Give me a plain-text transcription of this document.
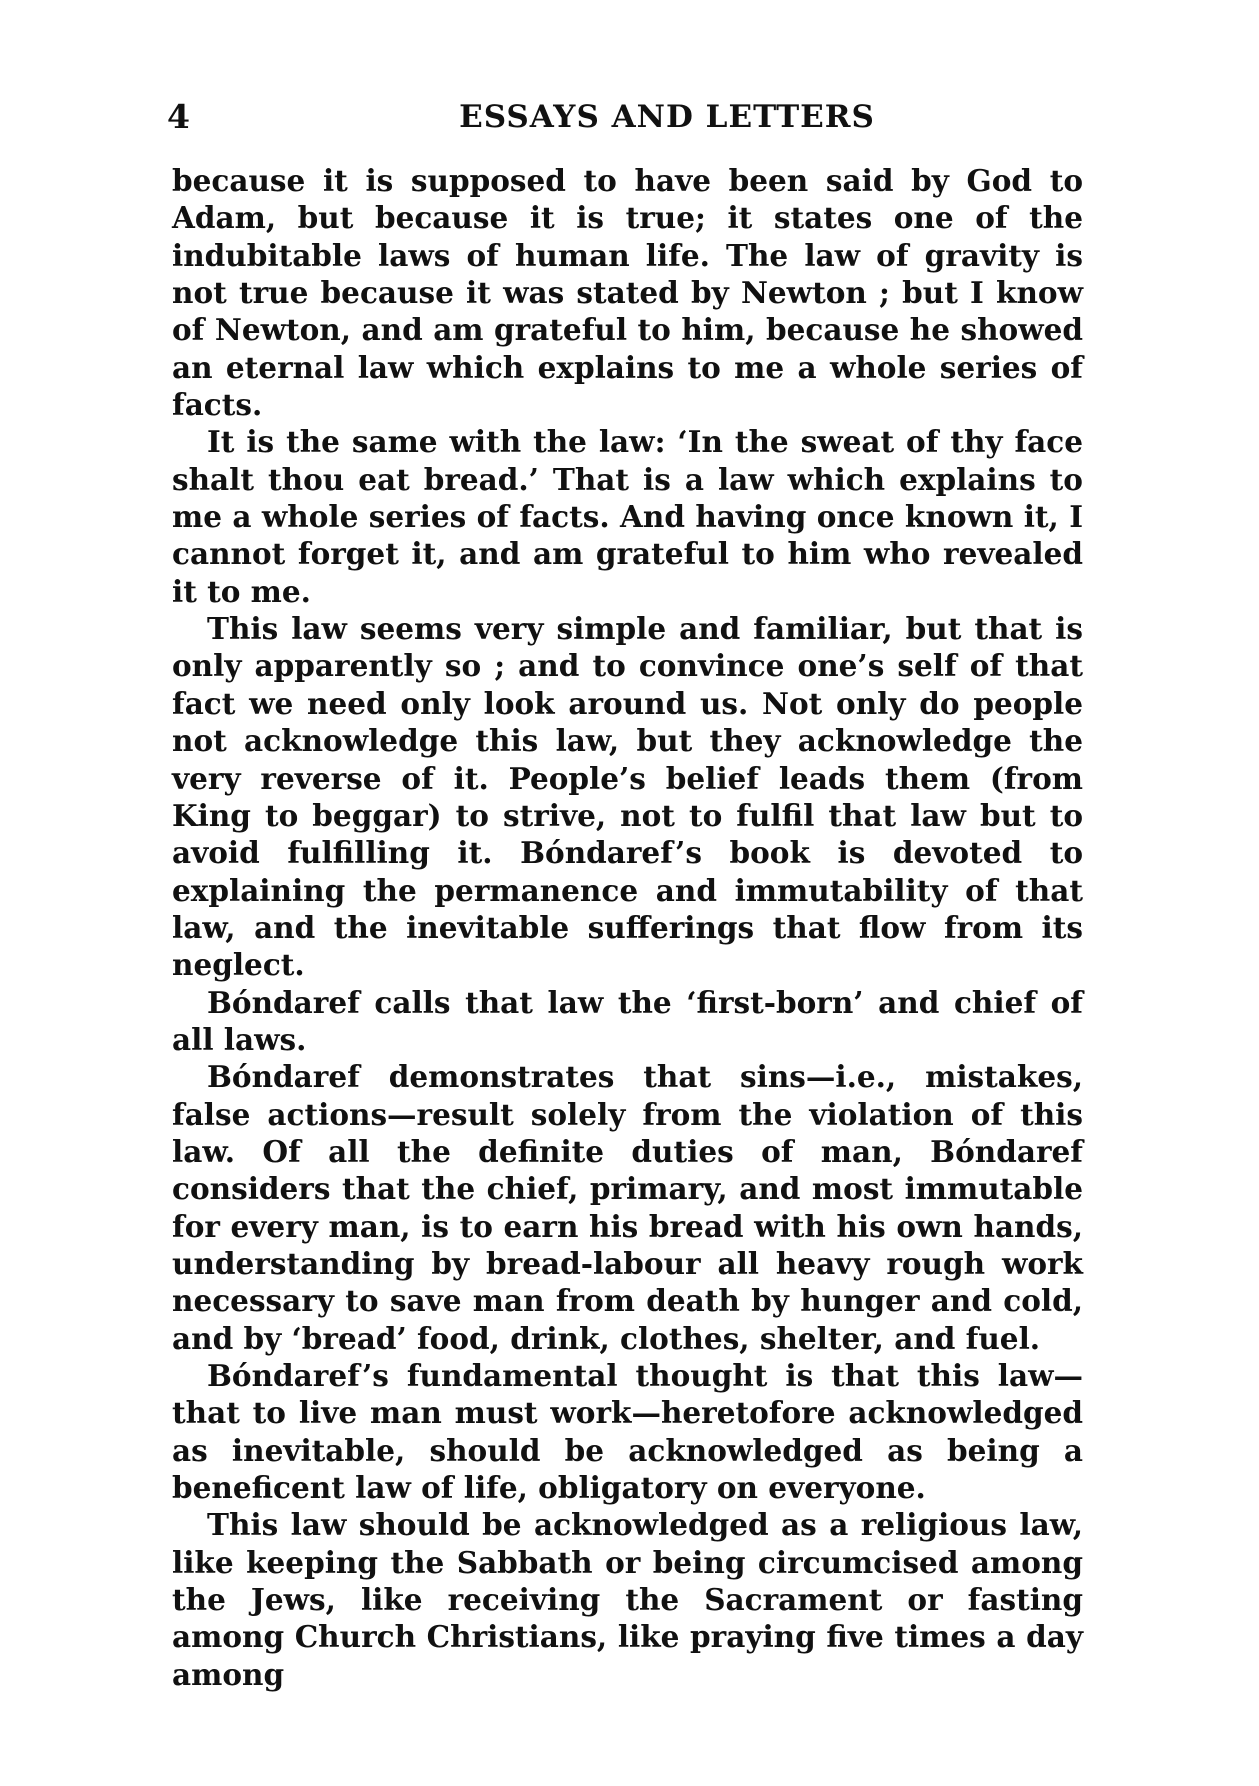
4	ESSAYS AND LETTERS

because it is supposed to have been said by God to Adam, but because it is true; it states one of the indubitable laws of human life. The law of gravity is not true because it was stated by Newton ; but I know of Newton, and am grateful to him, because he showed an eternal law which explains to me a whole series of facts.

It is the same with the law: ‘In the sweat of thy face shalt thou eat bread.’ That is a law which explains to me a whole series of facts. And having once known it, I cannot forget it, and am grateful to him who revealed it to me.

This law seems very simple and familiar, but that is only apparently so ; and to convince one’s self of that fact we need only look around us. Not only do people not acknowledge this law, but they acknowledge the very reverse of it. People’s belief leads them (from King to beggar) to strive, not to fulfil that law but to avoid fulfilling it. Bóndaref’s book is devoted to explaining the permanence and immutability of that law, and the inevitable sufferings that flow from its neglect.

Bóndaref calls that law the ‘first-born’ and chief of all laws.

Bóndaref demonstrates that sins—i.e., mistakes, false actions—result solely from the violation of this law. Of all the definite duties of man, Bóndaref considers that the chief, primary, and most immutable for every man, is to earn his bread with his own hands, understanding by bread-labour all heavy rough work necessary to save man from death by hunger and cold, and by ‘bread’ food, drink, clothes, shelter, and fuel.

Bóndaref’s fundamental thought is that this law—that to live man must work—heretofore acknowledged as inevitable, should be acknowledged as being a beneficent law of life, obligatory on everyone.

This law should be acknowledged as a religious law, like keeping the Sabbath or being circumcised among the Jews, like receiving the Sacrament or fasting among Church Christians, like praying five times a day among
